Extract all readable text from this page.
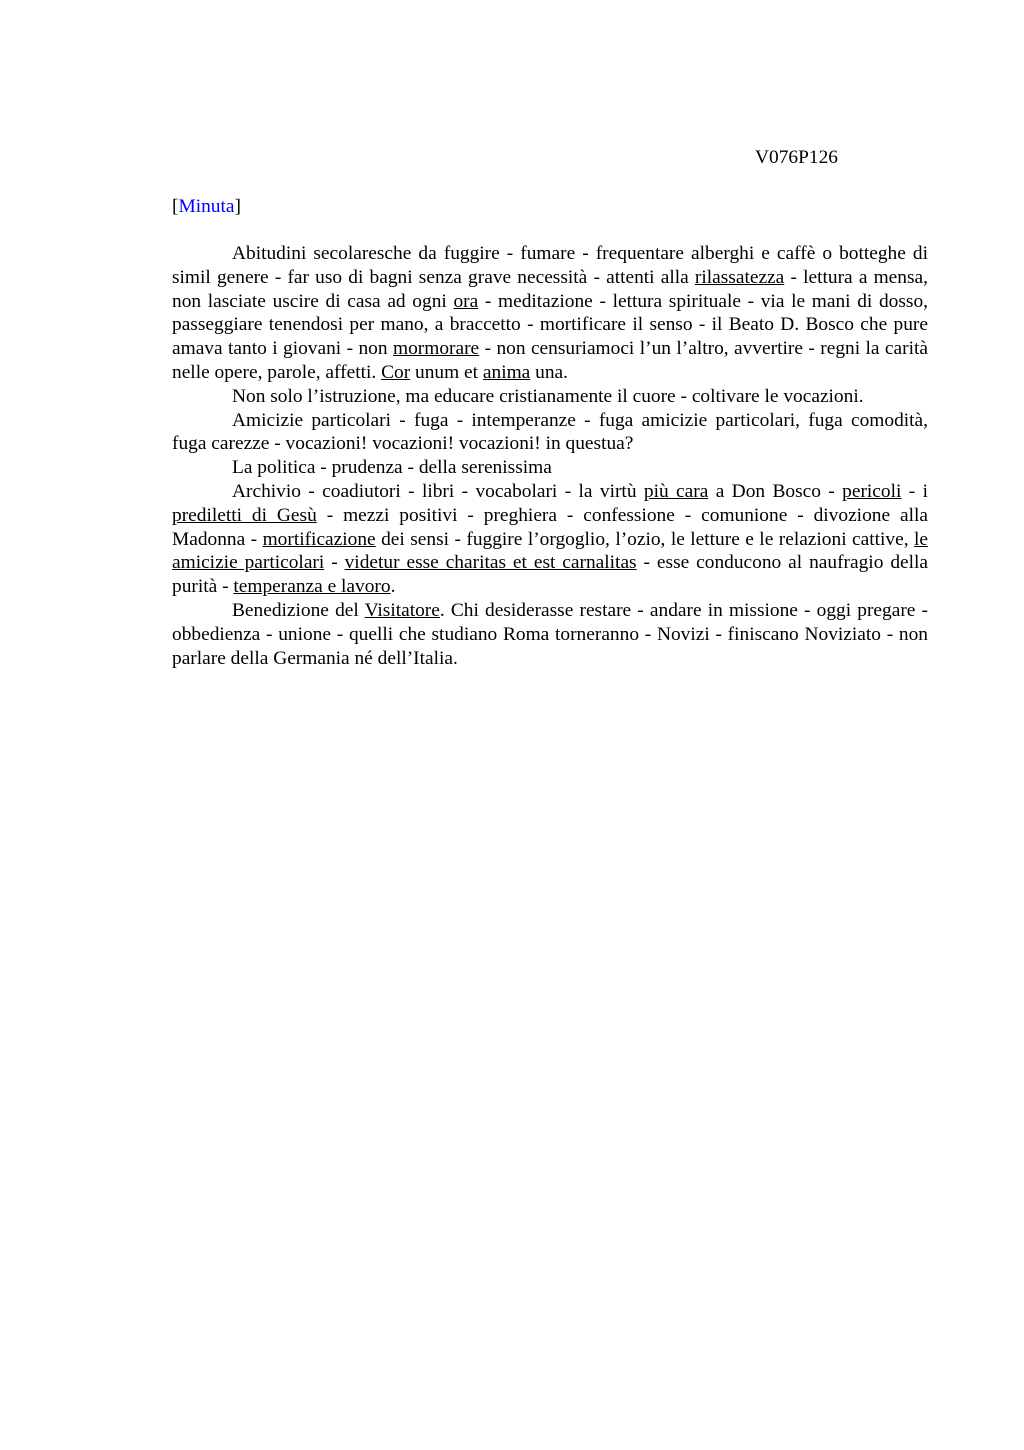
V076P126
[Minuta]

Abitudini secolaresche da fuggire - fumare - frequentare alberghi e caffè o botteghe di simil genere - far uso di bagni senza grave necessità - attenti alla rilassatezza - lettura a mensa, non lasciate uscire di casa ad ogni ora - meditazione - lettura spirituale - via le mani di dosso, passeggiare tenendosi per mano, a braccetto - mortificare il senso - il Beato D. Bosco che pure amava tanto i giovani - non mormorare - non censuriamoci l’un l’altro, avvertire - regni la carità nelle opere, parole, affetti. Cor unum et anima una.

Non solo l’istruzione, ma educare cristianamente il cuore - coltivare le vocazioni.

Amicizie particolari - fuga - intemperanze - fuga amicizie particolari, fuga comodità, fuga carezze - vocazioni! vocazioni! vocazioni! in questua?

La politica - prudenza - della serenissima

Archivio - coadiutori - libri - vocabolari - la virtù più cara a Don Bosco - pericoli - i prediletti di Gesù - mezzi positivi - preghiera - confessione - comunione - divozione alla Madonna - mortificazione dei sensi - fuggire l’orgoglio, l’ozio, le letture e le relazioni cattive, le amicizie particolari - videtur esse charitas et est carnalitas - esse conducono al naufragio della purità - temperanza e lavoro.

Benedizione del Visitatore. Chi desiderasse restare - andare in missione - oggi pregare - obbedienza - unione - quelli che studiano Roma torneranno - Novizi - finiscano Noviziato - non parlare della Germania né dell’Italia.
